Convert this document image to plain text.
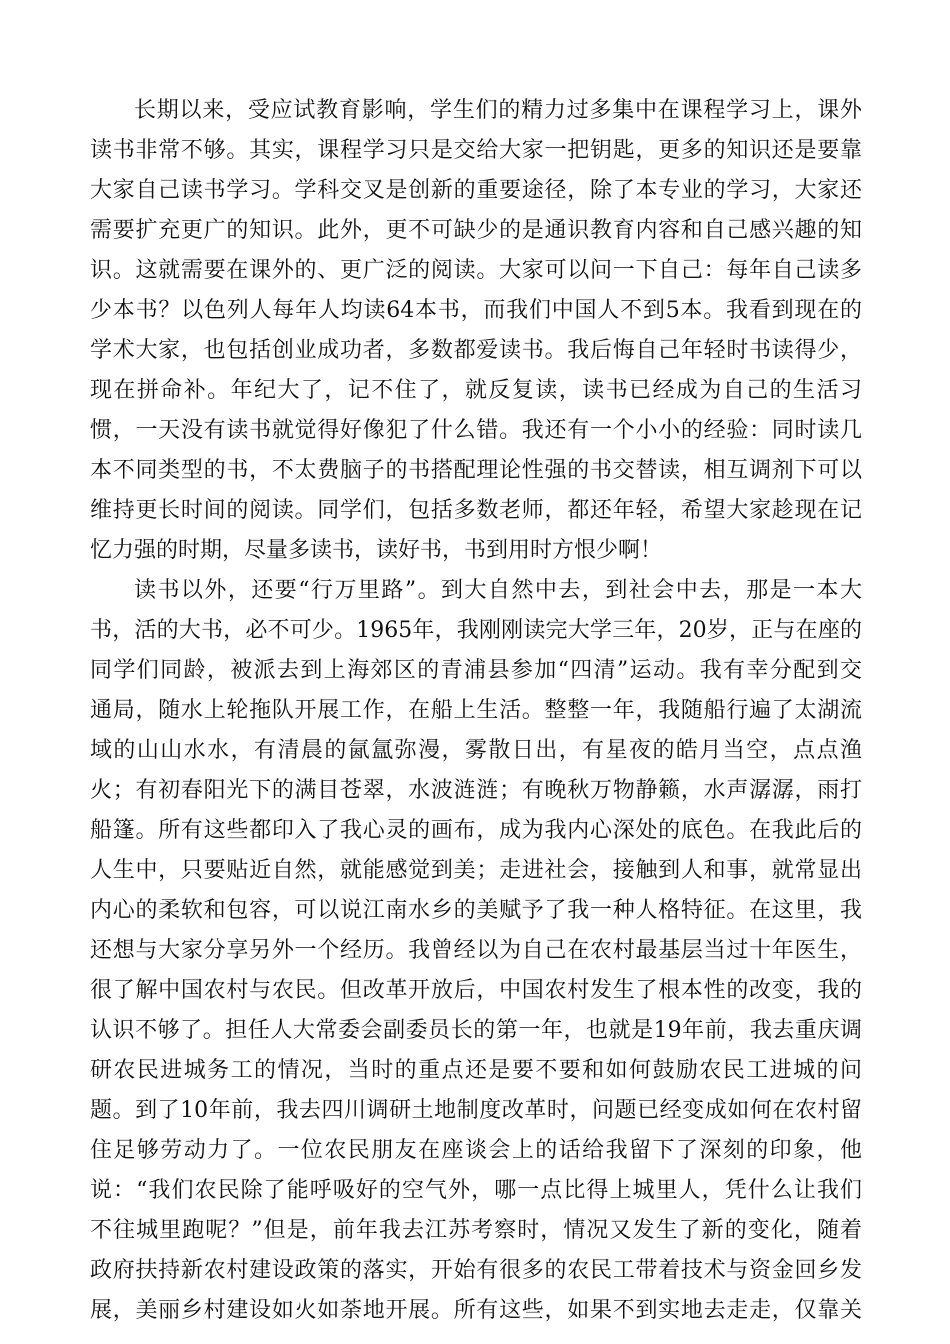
长期以来，受应试教育影响，学生们的精力过多集中在课程学习上，课外
读书非常不够。其实，课程学习只是交给大家一把钥匙，更多的知识还是要靠
大家自己读书学习。学科交叉是创新的重要途径，除了本专业的学习，大家还
需要扩充更广的知识。此外，更不可缺少的是通识教育内容和自己感兴趣的知
识。这就需要在课外的、更广泛的阅读。大家可以问一下自己：每年自己读多
少本书？以色列人每年人均读64本书，而我们中国人不到5本。我看到现在的
学术大家，也包括创业成功者，多数都爱读书。我后悔自己年轻时书读得少，
现在拼命补。年纪大了，记不住了，就反复读，读书已经成为自己的生活习
惯，一天没有读书就觉得好像犯了什么错。我还有一个小小的经验：同时读几
本不同类型的书，不太费脑子的书搭配理论性强的书交替读，相互调剂下可以
维持更长时间的阅读。同学们，包括多数老师，都还年轻，希望大家趁现在记
忆力强的时期，尽量多读书，读好书，书到用时方恨少啊！
读书以外，还要“行万里路”。到大自然中去，到社会中去，那是一本大
书，活的大书，必不可少。1965年，我刚刚读完大学三年，20岁，正与在座的
同学们同龄，被派去到上海郊区的青浦县参加“四清”运动。我有幸分配到交
通局，随水上轮拖队开展工作，在船上生活。整整一年，我随船行遍了太湖流
域的山山水水，有清晨的氤氲弥漫，雾散日出，有星夜的皓月当空，点点渔
火；有初春阳光下的满目苍翠，水波涟涟；有晚秋万物静籁，水声潺潺，雨打
船篷。所有这些都印入了我心灵的画布，成为我内心深处的底色。在我此后的
人生中，只要贴近自然，就能感觉到美；走进社会，接触到人和事，就常显出
内心的柔软和包容，可以说江南水乡的美赋予了我一种人格特征。在这里，我
还想与大家分享另外一个经历。我曾经以为自己在农村最基层当过十年医生，
很了解中国农村与农民。但改革开放后，中国农村发生了根本性的改变，我的
认识不够了。担任人大常委会副委员长的第一年，也就是19年前，我去重庆调
研农民进城务工的情况，当时的重点还是要不要和如何鼓励农民工进城的问
题。到了10年前，我去四川调研土地制度改革时，问题已经变成如何在农村留
住足够劳动力了。一位农民朋友在座谈会上的话给我留下了深刻的印象，他
说：“我们农民除了能呼吸好的空气外，哪一点比得上城里人，凭什么让我们
不往城里跑呢？”但是，前年我去江苏考察时，情况又发生了新的变化，随着
政府扶持新农村建设政策的落实，开始有很多的农民工带着技术与资金回乡发
展，美丽乡村建设如火如荼地开展。所有这些，如果不到实地去走走，仅靠关
